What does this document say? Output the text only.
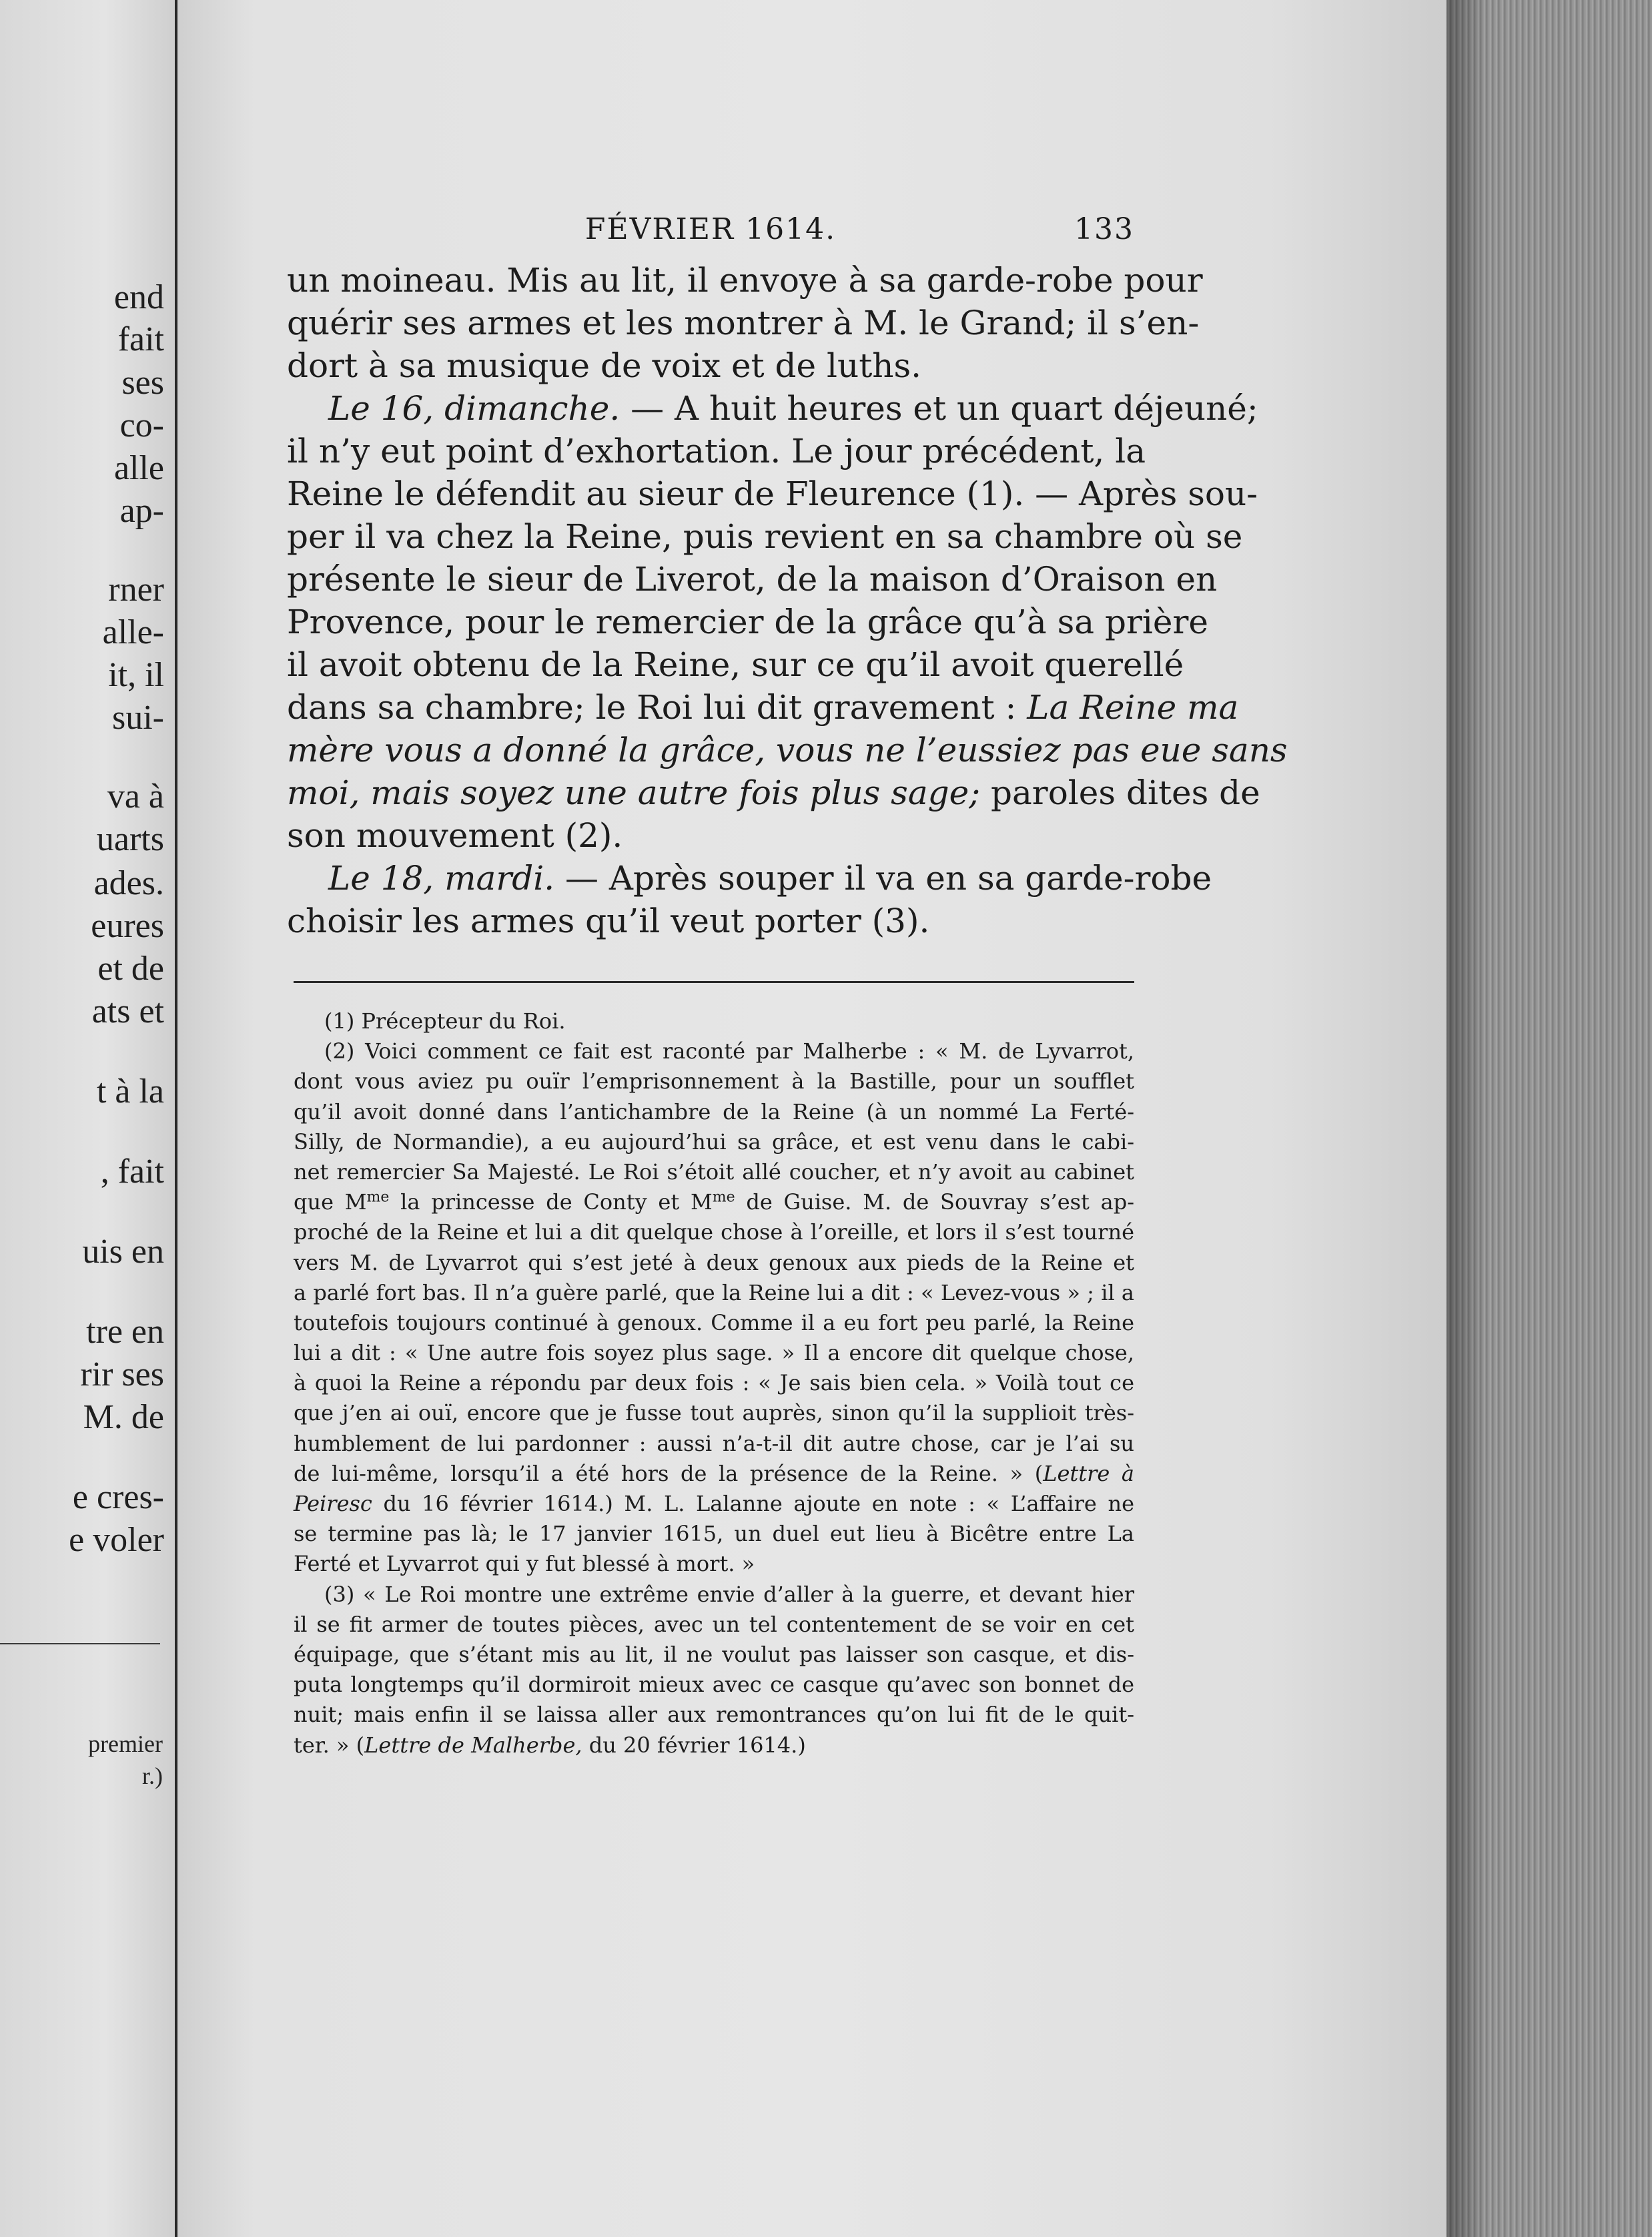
end
fait
ses
co-
alle
ap-
rner
alle-
it, il
sui-
va à
uarts
ades.
eures
et de
ats et
t à la
, fait
uis en
tre en
rir ses
M. de
e cres-
e voler
premier
r.)
FÉVRIER 1614.	133
un moineau. Mis au lit, il envoye à sa garde-robe pour
quérir ses armes et les montrer à M. le Grand; il s’en-
dort à sa musique de voix et de luths.
Le 16, dimanche. — A huit heures et un quart déjeuné;
il n’y eut point d’exhortation. Le jour précédent, la
Reine le défendit au sieur de Fleurence (1). — Après sou-
per il va chez la Reine, puis revient en sa chambre où se
présente le sieur de Liverot, de la maison d’Oraison en
Provence, pour le remercier de la grâce qu’à sa prière
il avoit obtenu de la Reine, sur ce qu’il avoit querellé
dans sa chambre; le Roi lui dit gravement : La Reine ma
mère vous a donné la grâce, vous ne l’eussiez pas eue sans
moi, mais soyez une autre fois plus sage; paroles dites de
son mouvement (2).
Le 18, mardi. — Après souper il va en sa garde-robe
choisir les armes qu’il veut porter (3).
(1) Précepteur du Roi.
(2) Voici comment ce fait est raconté par Malherbe : « M. de Lyvarrot,
dont vous aviez pu ouïr l’emprisonnement à la Bastille, pour un soufflet
qu’il avoit donné dans l’antichambre de la Reine (à un nommé La Ferté-
Silly, de Normandie), a eu aujourd’hui sa grâce, et est venu dans le cabi-
net remercier Sa Majesté. Le Roi s’étoit allé coucher, et n’y avoit au cabinet
que $M^{me}$ la princesse de Conty et $M^{me}$ de Guise. M. de Souvray s’est ap-
proché de la Reine et lui a dit quelque chose à l’oreille, et lors il s’est tourné
vers M. de Lyvarrot qui s’est jeté à deux genoux aux pieds de la Reine et
a parlé fort bas. Il n’a guère parlé, que la Reine lui a dit : « Levez-vous » ; il a
toutefois toujours continué à genoux. Comme il a eu fort peu parlé, la Reine
lui a dit : « Une autre fois soyez plus sage. » Il a encore dit quelque chose,
à quoi la Reine a répondu par deux fois : « Je sais bien cela. » Voilà tout ce
que j’en ai ouï, encore que je fusse tout auprès, sinon qu’il la supplioit très-
humblement de lui pardonner : aussi n’a-t-il dit autre chose, car je l’ai su
de lui-même, lorsqu’il a été hors de la présence de la Reine. » (Lettre à
Peiresc du 16 février 1614.) M. L. Lalanne ajoute en note : « L’affaire ne
se termine pas là; le 17 janvier 1615, un duel eut lieu à Bicêtre entre La
Ferté et Lyvarrot qui y fut blessé à mort. »
(3) « Le Roi montre une extrême envie d’aller à la guerre, et devant hier
il se fit armer de toutes pièces, avec un tel contentement de se voir en cet
équipage, que s’étant mis au lit, il ne voulut pas laisser son casque, et dis-
puta longtemps qu’il dormiroit mieux avec ce casque qu’avec son bonnet de
nuit; mais enfin il se laissa aller aux remontrances qu’on lui fit de le quit-
ter. » (Lettre de Malherbe, du 20 février 1614.)
